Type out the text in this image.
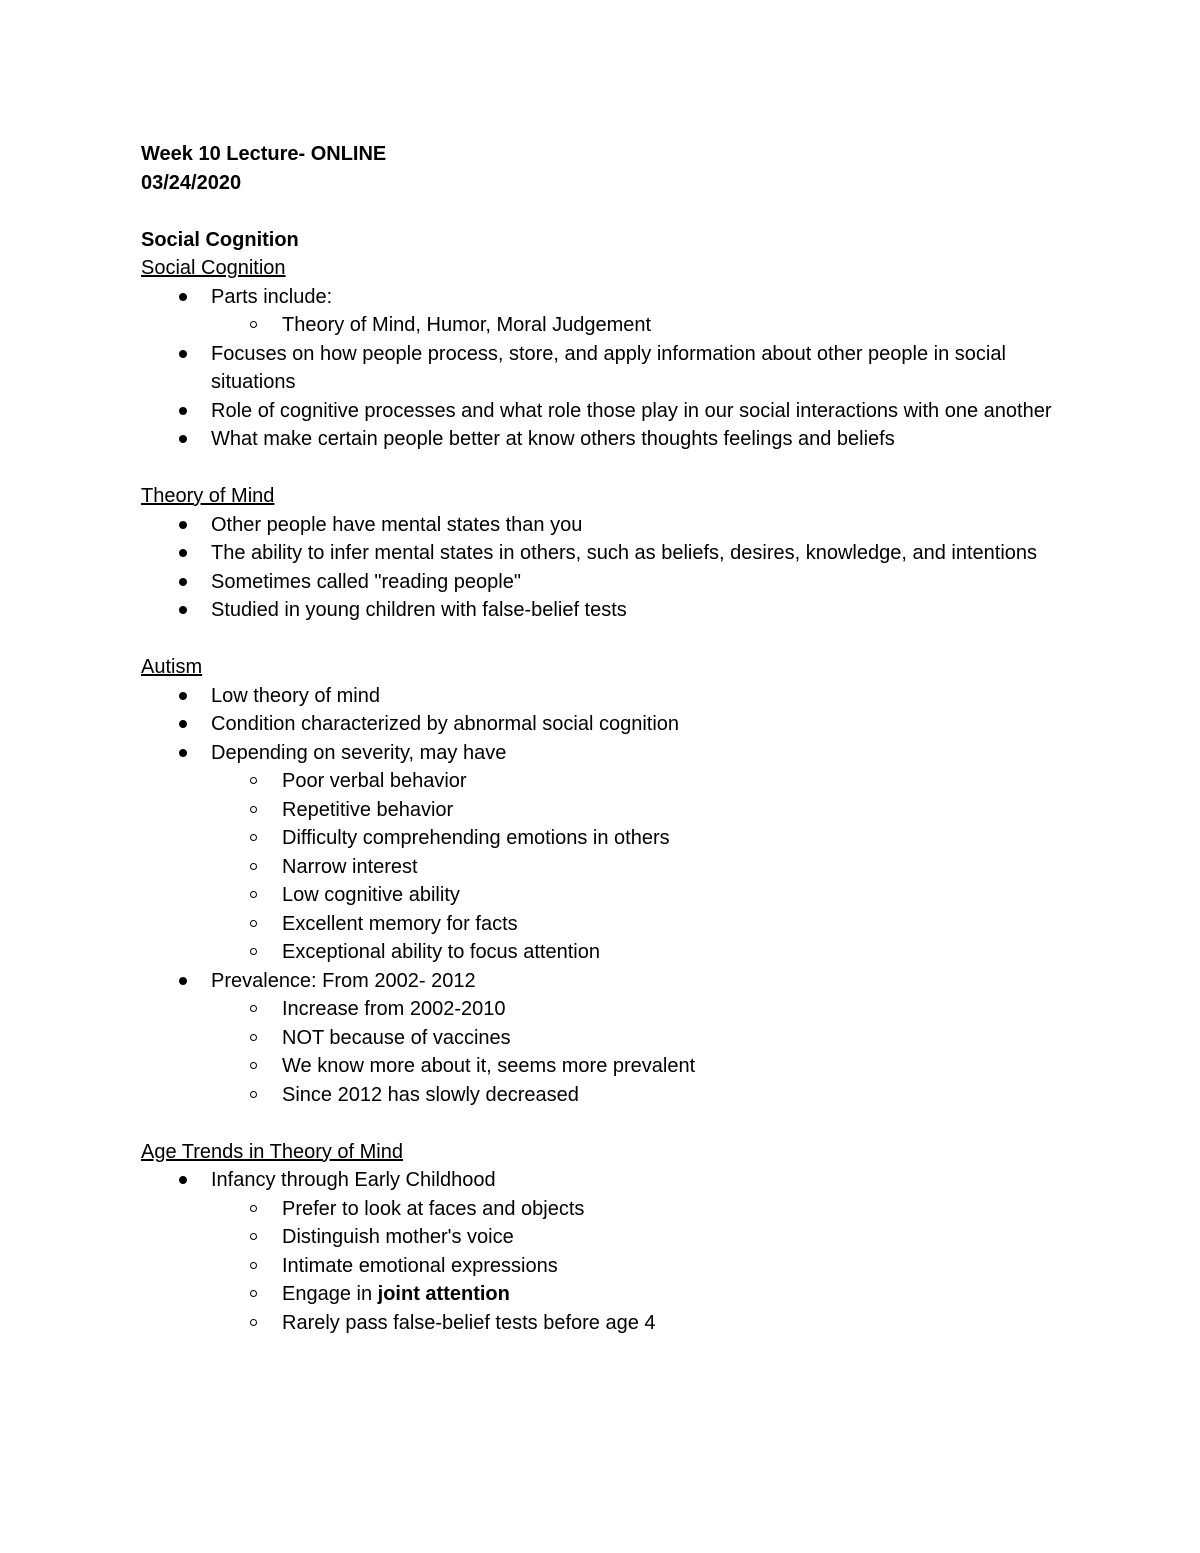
Week 10 Lecture- ONLINE
03/24/2020
Social Cognition
Social Cognition
Parts include:
Theory of Mind, Humor, Moral Judgement
Focuses on how people process, store, and apply information about other people in social situations
Role of cognitive processes and what role those play in our social interactions with one another
What make certain people better at know others thoughts feelings and beliefs
Theory of Mind
Other people have mental states than you
The ability to infer mental states in others, such as beliefs, desires, knowledge, and intentions
Sometimes called "reading people"
Studied in young children with false-belief tests
Autism
Low theory of mind
Condition characterized by abnormal social cognition
Depending on severity, may have
Poor verbal behavior
Repetitive behavior
Difficulty comprehending emotions in others
Narrow interest
Low cognitive ability
Excellent memory for facts
Exceptional ability to focus attention
Prevalence: From 2002- 2012
Increase from 2002-2010
NOT because of vaccines
We know more about it, seems more prevalent
Since 2012 has slowly decreased
Age Trends in Theory of Mind
Infancy through Early Childhood
Prefer to look at faces and objects
Distinguish mother's voice
Intimate emotional expressions
Engage in joint attention
Rarely pass false-belief tests before age 4
